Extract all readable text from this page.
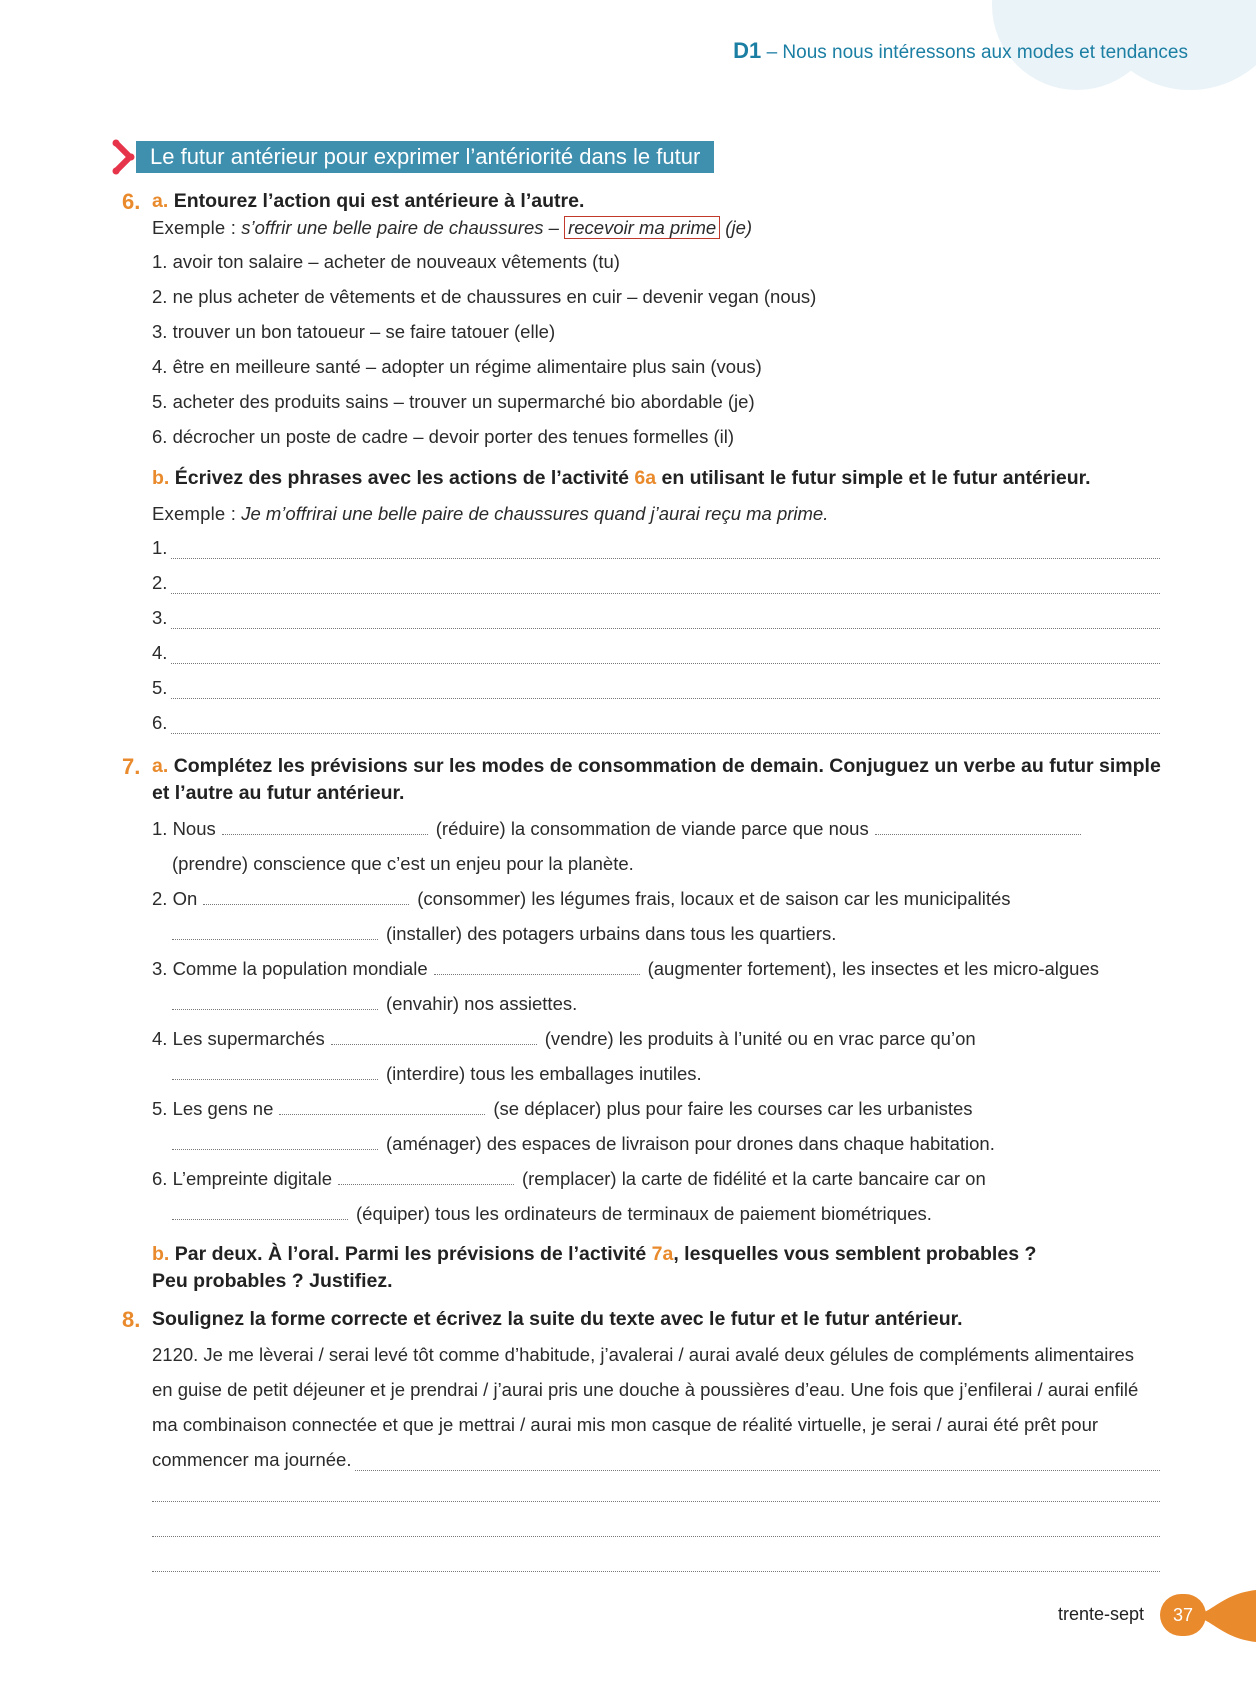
D1 – Nous nous intéressons aux modes et tendances
Le futur antérieur pour exprimer l’antériorité dans le futur
6. a. Entourez l’action qui est antérieure à l’autre.
Exemple : s’offrir une belle paire de chaussures – recevoir ma prime (je)
1. avoir ton salaire – acheter de nouveaux vêtements (tu)
2. ne plus acheter de vêtements et de chaussures en cuir – devenir vegan (nous)
3. trouver un bon tatoueur – se faire tatouer (elle)
4. être en meilleure santé – adopter un régime alimentaire plus sain (vous)
5. acheter des produits sains – trouver un supermarché bio abordable (je)
6. décrocher un poste de cadre – devoir porter des tenues formelles (il)
b. Écrivez des phrases avec les actions de l’activité 6a en utilisant le futur simple et le futur antérieur.
Exemple : Je m’offrirai une belle paire de chaussures quand j’aurai reçu ma prime.
1.
2.
3.
4.
5.
6.
7. a. Complétez les prévisions sur les modes de consommation de demain. Conjuguez un verbe au futur simple
et l’autre au futur antérieur.
1. Nous	(réduire) la consommation de viande parce que nous
(prendre) conscience que c’est un enjeu pour la planète.
2. On	(consommer) les légumes frais, locaux et de saison car les municipalités
(installer) des potagers urbains dans tous les quartiers.
3. Comme la population mondiale	(augmenter fortement), les insectes et les micro-algues
(envahir) nos assiettes.
4. Les supermarchés	(vendre) les produits à l’unité ou en vrac parce qu’on
(interdire) tous les emballages inutiles.
5. Les gens ne	(se déplacer) plus pour faire les courses car les urbanistes
(aménager) des espaces de livraison pour drones dans chaque habitation.
6. L’empreinte digitale	(remplacer) la carte de fidélité et la carte bancaire car on
(équiper) tous les ordinateurs de terminaux de paiement biométriques.
b. Par deux. À l’oral. Parmi les prévisions de l’activité 7a, lesquelles vous semblent probables ?
Peu probables ? Justifiez.
8. Soulignez la forme correcte et écrivez la suite du texte avec le futur et le futur antérieur.
2120. Je me lèverai / serai levé tôt comme d’habitude, j’avalerai / aurai avalé deux gélules de compléments alimentaires
en guise de petit déjeuner et je prendrai / j’aurai pris une douche à poussières d’eau. Une fois que j’enfilerai / aurai enfilé
ma combinaison connectée et que je mettrai / aurai mis mon casque de réalité virtuelle, je serai / aurai été prêt pour
commencer ma journée.
trente-sept	37
